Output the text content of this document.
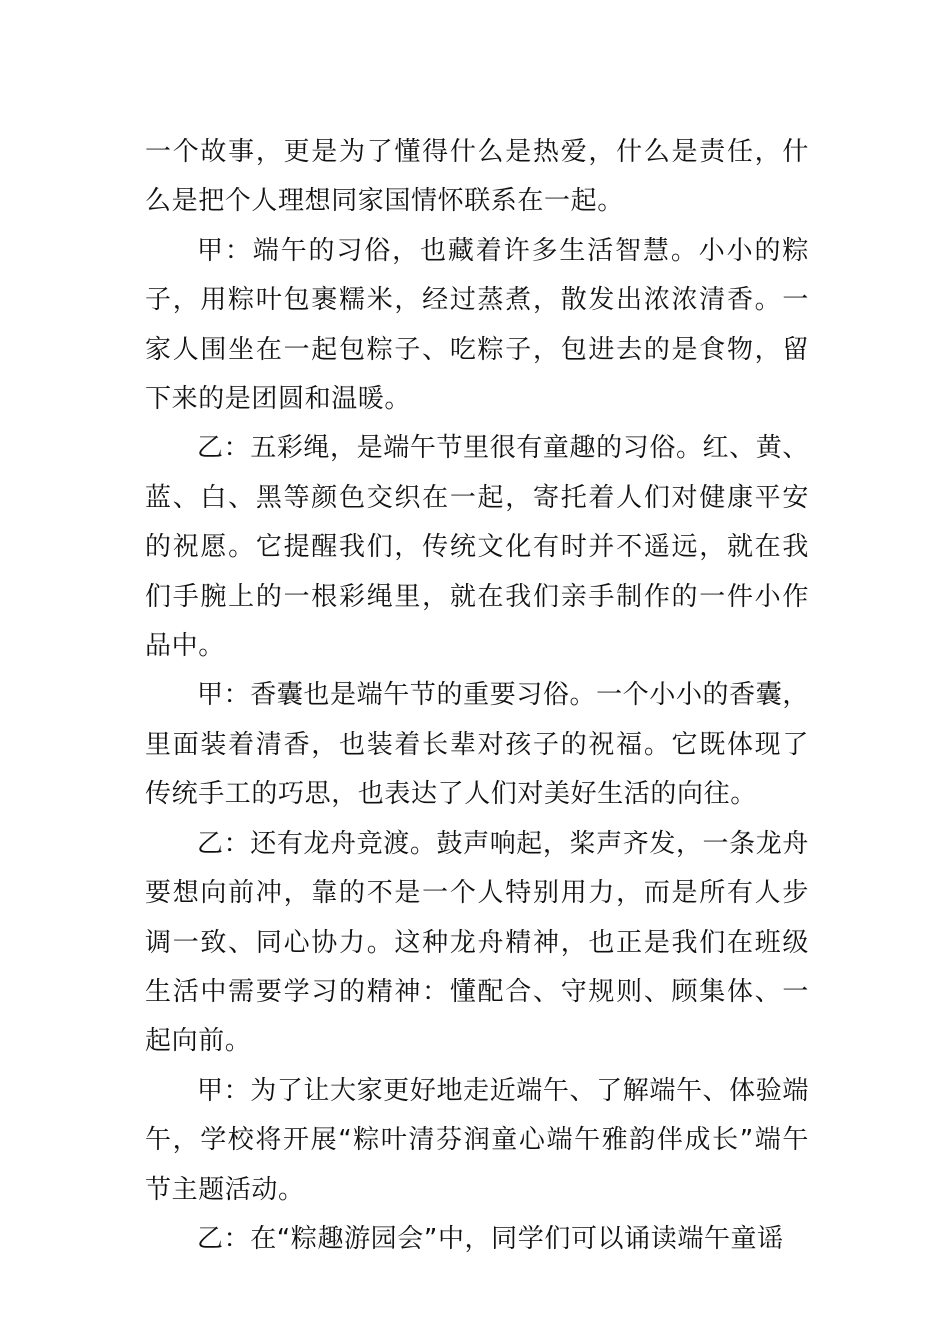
一个故事，更是为了懂得什么是热爱，什么是责任，什么是把个人理想同家国情怀联系在一起。

甲：端午的习俗，也藏着许多生活智慧。小小的粽子，用粽叶包裹糯米，经过蒸煮，散发出浓浓清香。一家人围坐在一起包粽子、吃粽子，包进去的是食物，留下来的是团圆和温暖。

乙：五彩绳，是端午节里很有童趣的习俗。红、黄、蓝、白、黑等颜色交织在一起，寄托着人们对健康平安的祝愿。它提醒我们，传统文化有时并不遥远，就在我们手腕上的一根彩绳里，就在我们亲手制作的一件小作品中。

甲：香囊也是端午节的重要习俗。一个小小的香囊，里面装着清香，也装着长辈对孩子的祝福。它既体现了传统手工的巧思，也表达了人们对美好生活的向往。

乙：还有龙舟竞渡。鼓声响起，桨声齐发，一条龙舟要想向前冲，靠的不是一个人特别用力，而是所有人步调一致、同心协力。这种龙舟精神，也正是我们在班级生活中需要学习的精神：懂配合、守规则、顾集体、一起向前。

甲：为了让大家更好地走近端午、了解端午、体验端午，学校将开展“粽叶清芬润童心端午雅韵伴成长”端午节主题活动。

乙：在“粽趣游园会”中，同学们可以诵读端午童谣
